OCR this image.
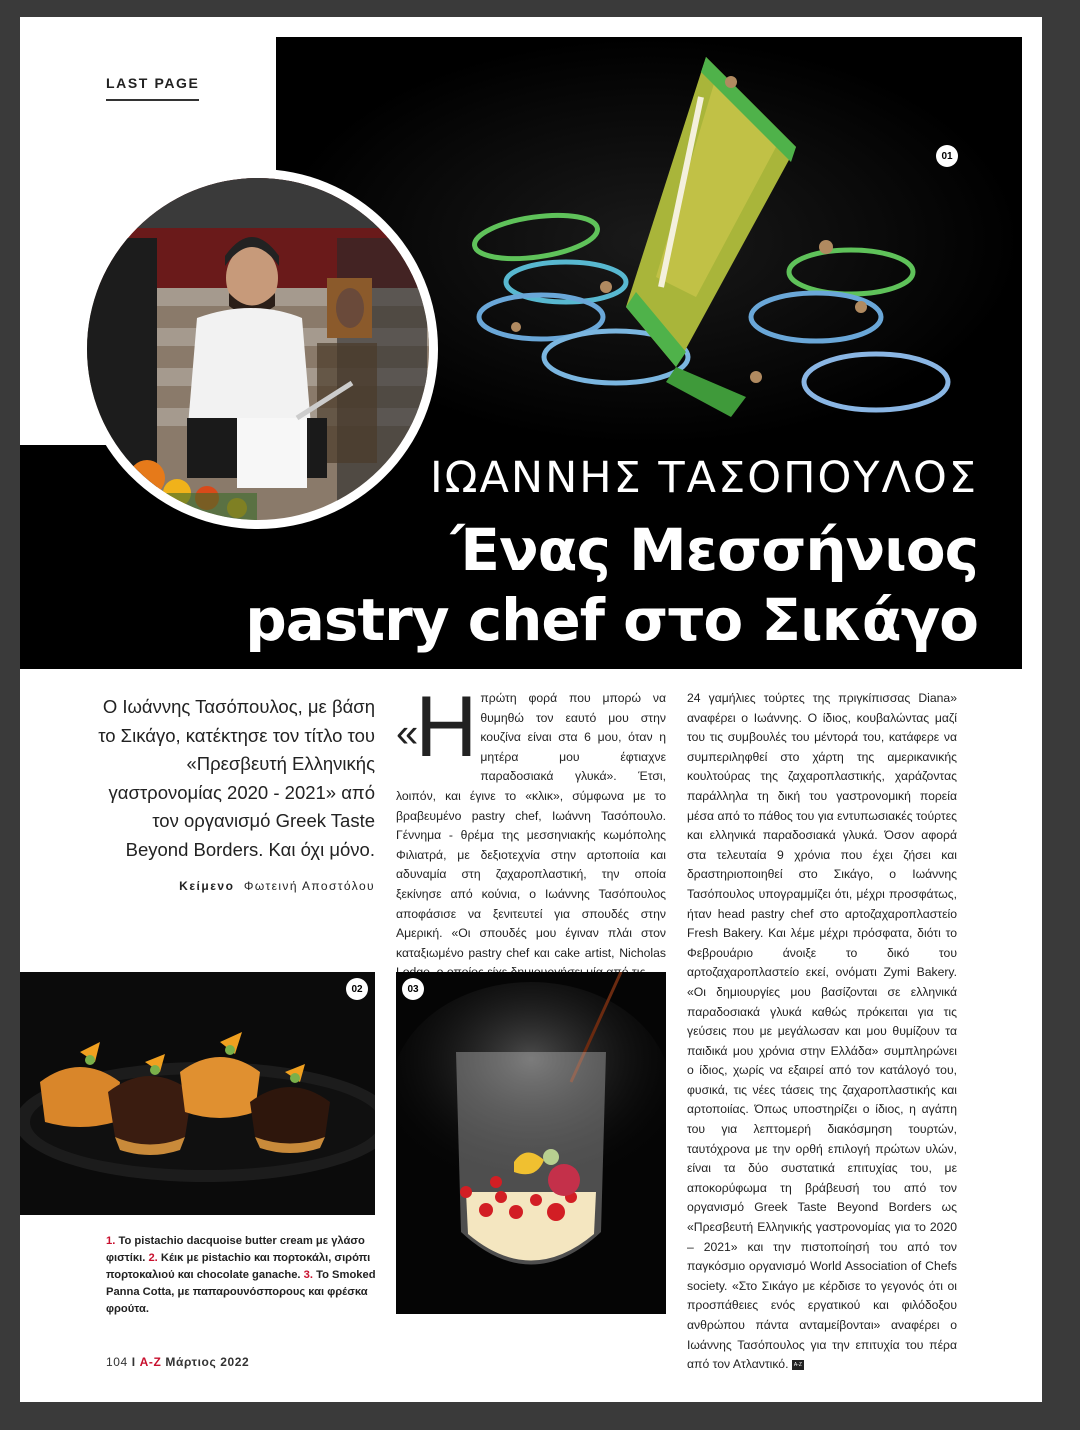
01
LAST PAGE
ΙΩΑΝΝΗΣ ΤΑΣΟΠΟΥΛΟΣ
Ένας Μεσσήνιος
pastry chef στο Σικάγο
Ο Ιωάννης Τασόπουλος, με βάση το Σικάγο, κατέκτησε τον τίτλο του «Πρεσβευτή Ελληνικής γαστρονομίας 2020 - 2021» από τον οργανισμό Greek Taste Beyond Borders. Και όχι μόνο.
Κείμενο Φωτεινή Αποστόλου
«Η πρώτη φορά που μπορώ να θυμηθώ τον εαυτό μου στην κουζίνα είναι στα 6 μου, όταν η μητέρα μου έφτιαχνε παραδοσιακά γλυκά». Έτσι, λοιπόν, και έγινε το «κλικ», σύμφωνα με το βραβευμένο pastry chef, Ιωάννη Τασόπουλο. Γέννημα - θρέμα της μεσσηνιακής κωμόπολης Φιλιατρά, με δεξιοτεχνία στην αρτοποιία και αδυναμία στη ζαχαροπλαστική, την οποία ξεκίνησε από κούνια, ο Ιωάννης Τασόπουλος αποφάσισε να ξενιτευτεί για σπουδές στην Αμερική. «Οι σπουδές μου έγιναν πλάι στον καταξιωμένο pastry chef και cake artist, Nicholas
24 γαμήλιες τούρτες της πριγκίπισσας Diana» αναφέρει ο Ιωάννης. Ο ίδιος, κουβαλώντας μαζί του τις συμβουλές του μέντορά του, κατάφερε να συμπεριληφθεί στο χάρτη της αμερικανικής κουλτούρας της ζαχαροπλαστικής, χαράζοντας παράλληλα τη δική του γαστρονομική πορεία μέσα από το πάθος του για εντυπωσιακές τούρτες και ελληνικά παραδοσιακά γλυκά. Όσον αφορά στα τελευταία 9 χρόνια που έχει ζήσει και δραστηριοποιηθεί στο Σικάγο, ο Ιωάννης Τασόπουλος υπογραμμίζει ότι, μέχρι προσφάτως, ήταν head pastry chef στο αρτοζαχαροπλαστείο Fresh Bakery. Και λέμε μέχρι πρόσφατα, διότι το Φεβρουάριο άνοιξε το δικό του αρτοζαχαροπλαστείο εκεί, ονόματι Zymi Bakery. «Οι δημιουργίες μου βασίζονται σε ελληνικά παραδοσιακά γλυκά καθώς πρόκειται για τις γεύσεις που με μεγάλωσαν και μου θυμίζουν τα παιδικά μου χρόνια στην Ελλάδα» συμπληρώνει ο ίδιος, χωρίς να εξαιρεί από τον κατάλογό του, φυσικά, τις νέες τάσεις της ζαχαροπλαστικής και αρτοποιίας. Όπως υποστηρίζει ο ίδιος, η αγάπη του για λεπτομερή διακόσμηση τουρτών, ταυτόχρονα με την ορθή επιλογή πρώτων υλών, είναι τα δύο συστατικά επιτυχίας του, με αποκορύφωμα τη βράβευσή του από τον οργανισμό Greek Taste Beyond Borders ως «Πρεσβευτή Ελληνικής γαστρονομίας για το 2020 – 2021» και την πιστοποίησή του από τον παγκόσμιο οργανισμό World Association of Chefs society. «Στο Σικάγο με κέρδισε το γεγονός ότι οι προσπάθειες ενός εργατικού και φιλόδοξου ανθρώπου πάντα ανταμείβονται» αναφέρει ο Ιωάννης Τασόπουλος για την επιτυχία του πέρα από τον Ατλαντικό. A-Z
02	03
1. Το pistachio dacquoise butter cream με γλάσο φιστίκι. 2. Κέικ με pistachio και πορτοκάλι, σιρόπι πορτοκαλιού και chocolate ganache. 3. Το Smoked Panna Cotta, με παπαρουνόσπορους και φρέσκα φρούτα.
104 I A-Z Μάρτιος 2022
